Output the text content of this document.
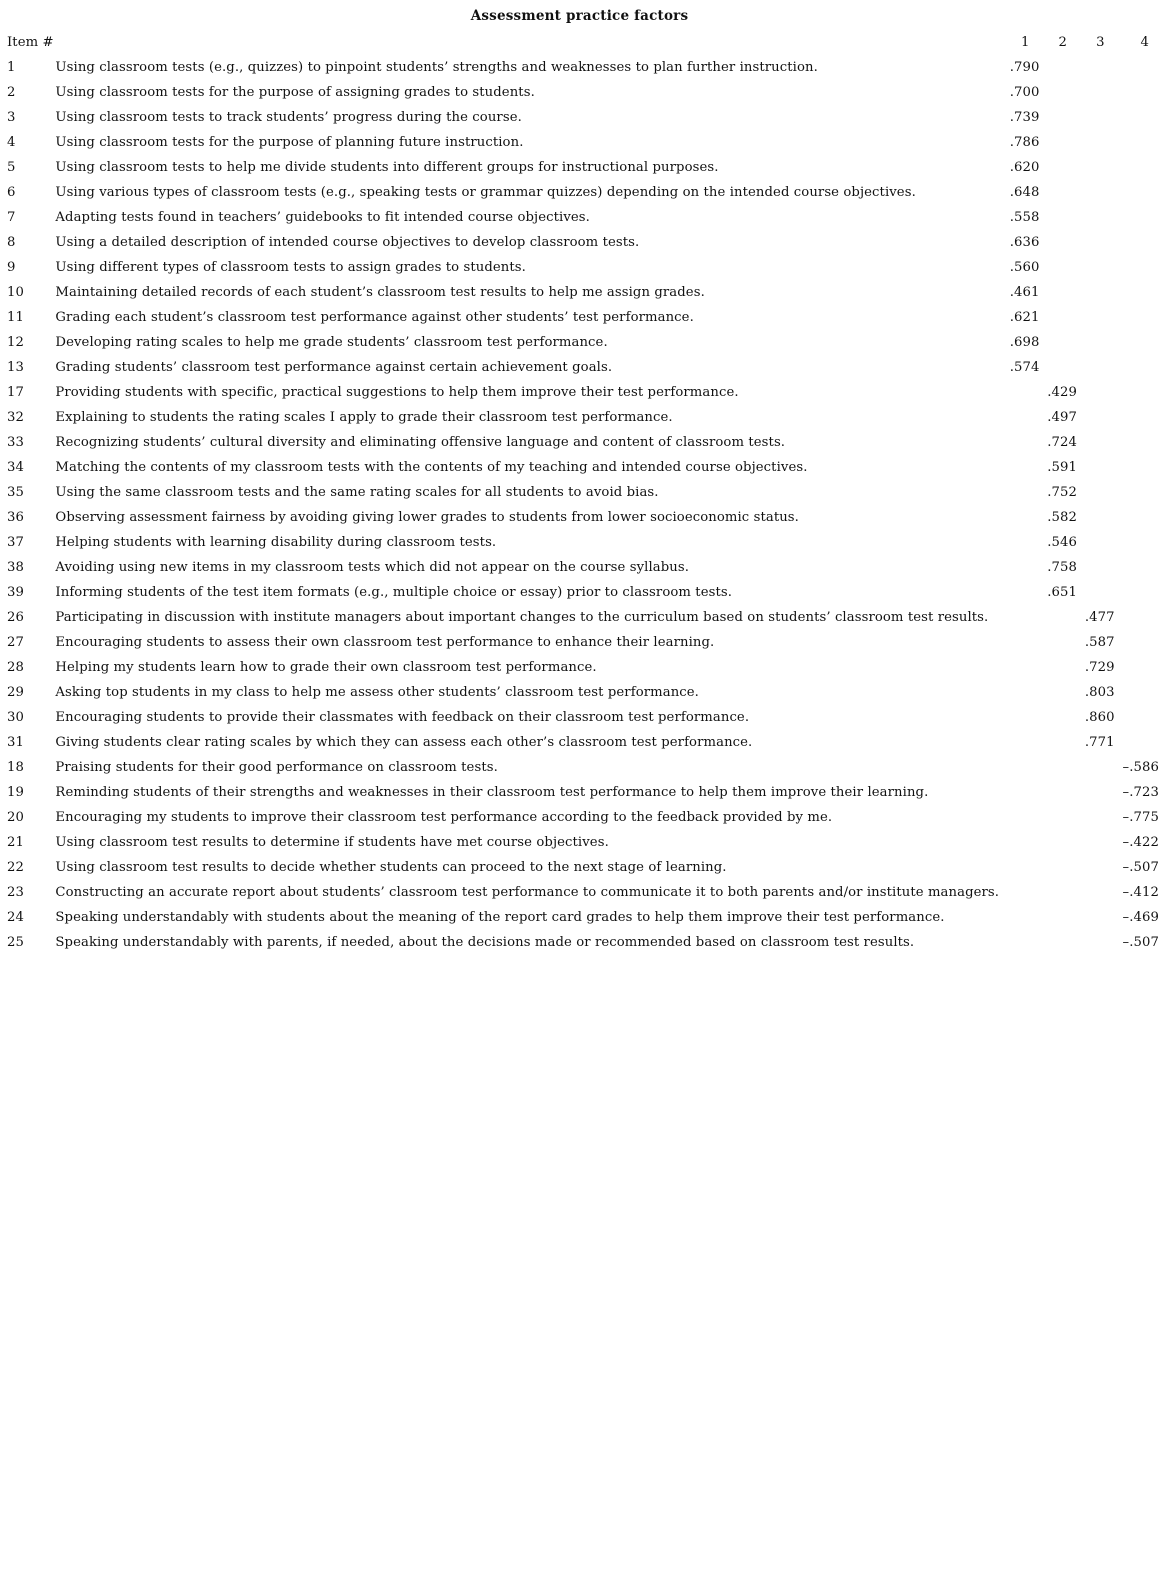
Assessment practice factors
Item #		1	2	3	4
1	Using classroom tests (e.g., quizzes) to pinpoint students’ strengths and weaknesses to plan further instruction.	.790			
2	Using classroom tests for the purpose of assigning grades to students.	.700			
3	Using classroom tests to track students’ progress during the course.	.739			
4	Using classroom tests for the purpose of planning future instruction.	.786			
5	Using classroom tests to help me divide students into different groups for instructional purposes.	.620			
6	Using various types of classroom tests (e.g., speaking tests or grammar quizzes) depending on the intended course objectives.	.648			
7	Adapting tests found in teachers’ guidebooks to fit intended course objectives.	.558			
8	Using a detailed description of intended course objectives to develop classroom tests.	.636			
9	Using different types of classroom tests to assign grades to students.	.560			
10	Maintaining detailed records of each student’s classroom test results to help me assign grades.	.461			
11	Grading each student’s classroom test performance against other students’ test performance.	.621			
12	Developing rating scales to help me grade students’ classroom test performance.	.698			
13	Grading students’ classroom test performance against certain achievement goals.	.574			
17	Providing students with specific, practical suggestions to help them improve their test performance.		.429		
32	Explaining to students the rating scales I apply to grade their classroom test performance.		.497		
33	Recognizing students’ cultural diversity and eliminating offensive language and content of classroom tests.		.724		
34	Matching the contents of my classroom tests with the contents of my teaching and intended course objectives.		.591		
35	Using the same classroom tests and the same rating scales for all students to avoid bias.		.752		
36	Observing assessment fairness by avoiding giving lower grades to students from lower socioeconomic status.		.582		
37	Helping students with learning disability during classroom tests.		.546		
38	Avoiding using new items in my classroom tests which did not appear on the course syllabus.		.758		
39	Informing students of the test item formats (e.g., multiple choice or essay) prior to classroom tests.		.651		
26	Participating in discussion with institute managers about important changes to the curriculum based on students’ classroom test results.			.477	
27	Encouraging students to assess their own classroom test performance to enhance their learning.			.587	
28	Helping my students learn how to grade their own classroom test performance.			.729	
29	Asking top students in my class to help me assess other students’ classroom test performance.			.803	
30	Encouraging students to provide their classmates with feedback on their classroom test performance.			.860	
31	Giving students clear rating scales by which they can assess each other’s classroom test performance.			.771	
18	Praising students for their good performance on classroom tests.				–.586
19	Reminding students of their strengths and weaknesses in their classroom test performance to help them improve their learning.				–.723
20	Encouraging my students to improve their classroom test performance according to the feedback provided by me.				–.775
21	Using classroom test results to determine if students have met course objectives.				–.422
22	Using classroom test results to decide whether students can proceed to the next stage of learning.				–.507
23	Constructing an accurate report about students’ classroom test performance to communicate it to both parents and/or institute managers.				–.412
24	Speaking understandably with students about the meaning of the report card grades to help them improve their test performance.				–.469
25	Speaking understandably with parents, if needed, about the decisions made or recommended based on classroom test results.				–.507
